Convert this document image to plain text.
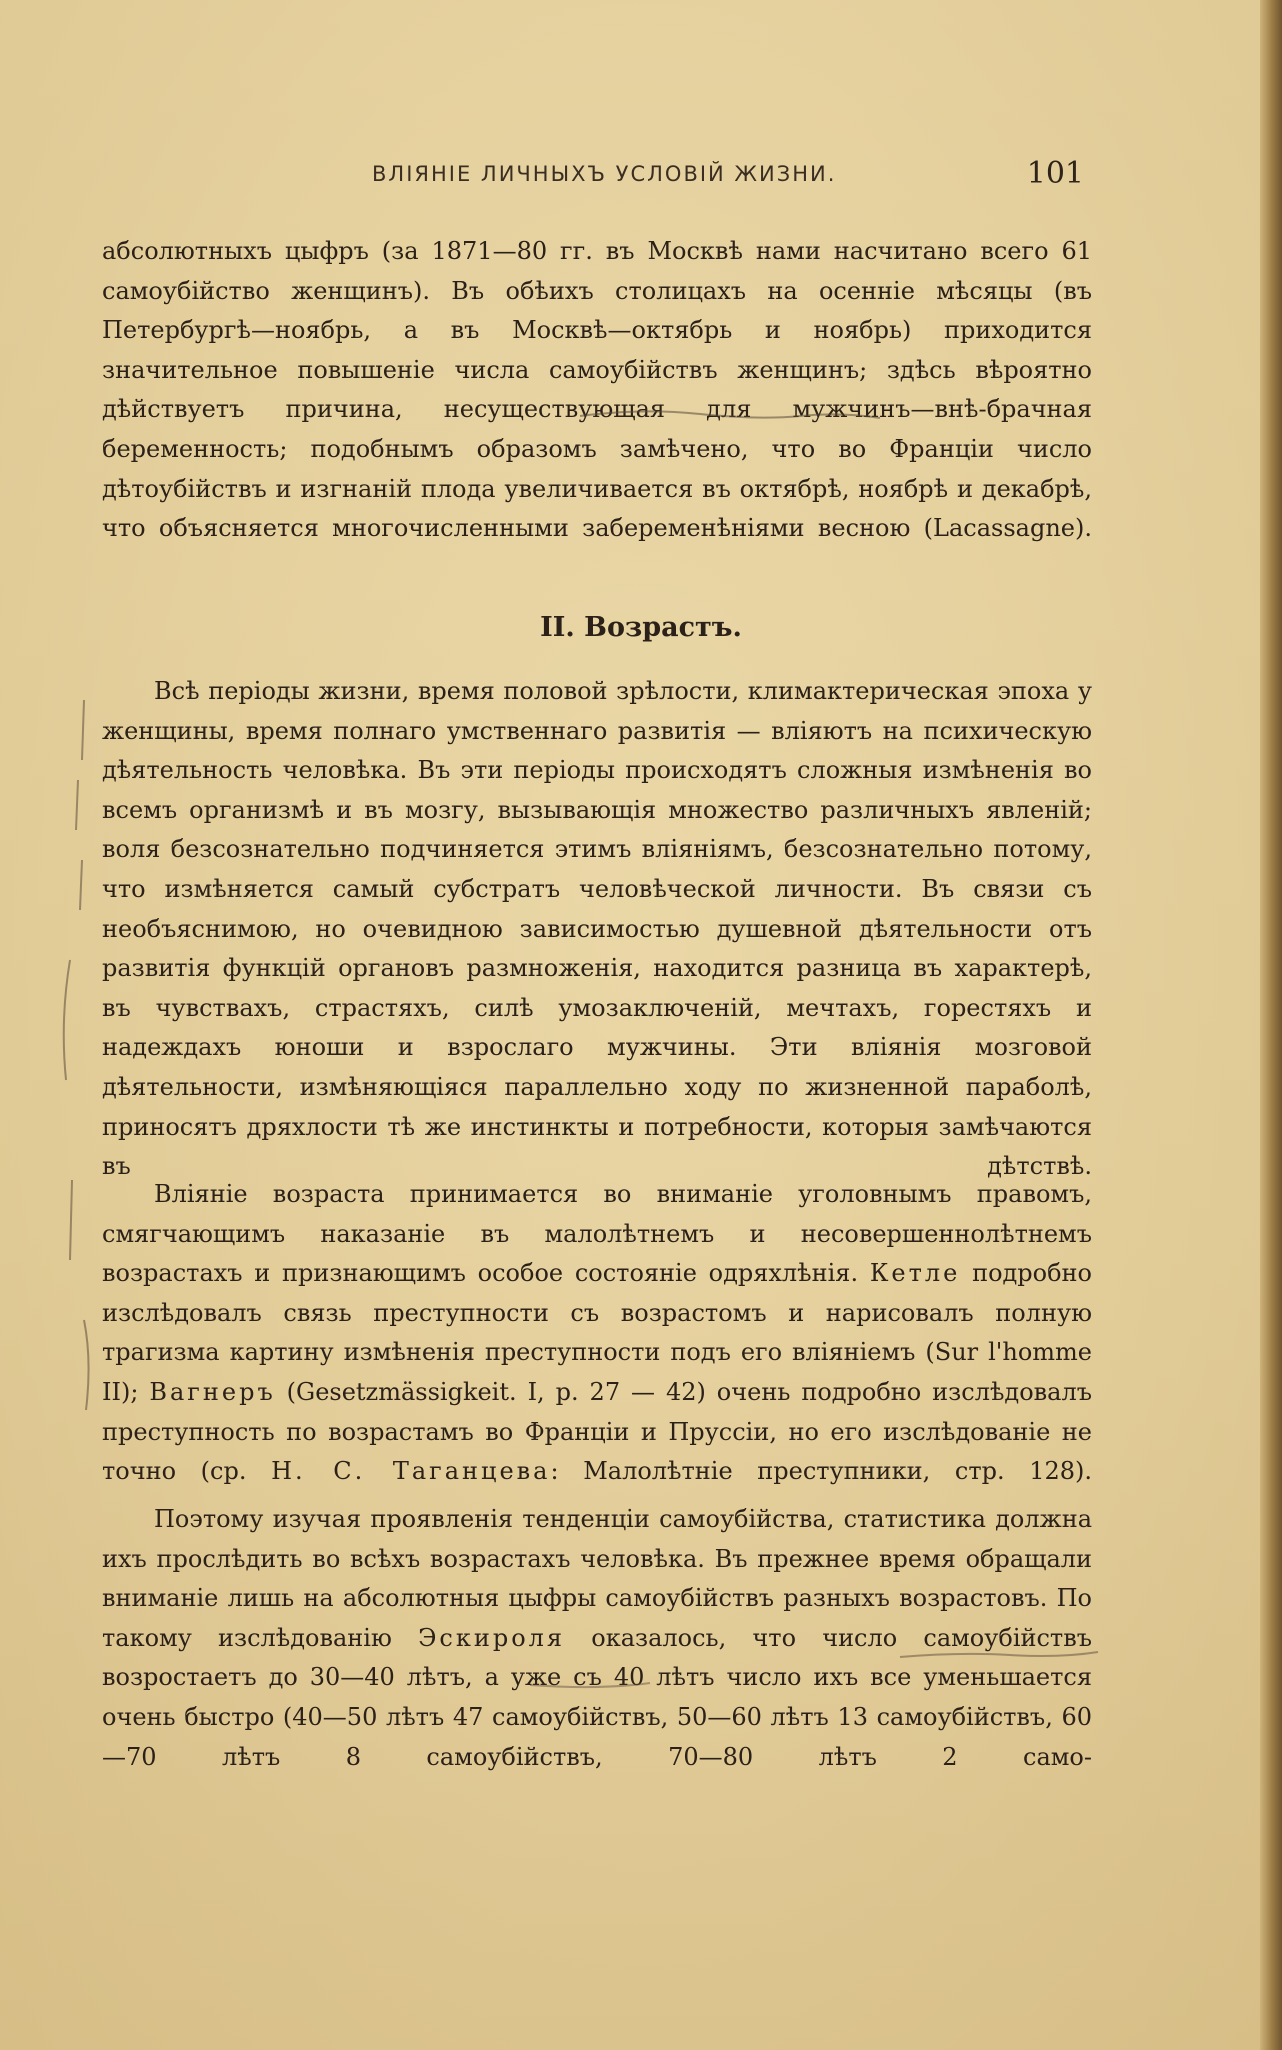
ВЛІЯНІЕ ЛИЧНЫХЪ УСЛОВІЙ ЖИЗНИ.	101
абсолютныхъ цыфръ (за 1871—80 гг. въ Москвѣ нами насчитано всего 61 самоубійство женщинъ). Въ обѣихъ столицахъ на осенніе мѣсяцы (въ Петербургѣ—ноябрь, а въ Москвѣ—октябрь и ноябрь) приходится значительное повышеніе числа самоубійствъ женщинъ; здѣсь вѣроятно дѣйствуетъ причина, несуществующая для мужчинъ—внѣ-брачная беременность; подобнымъ образомъ замѣчено, что во Франціи число дѣтоубійствъ и изгнаній плода увеличивается въ октябрѣ, ноябрѣ и декабрѣ, что объясняется многочисленными забеременѣніями весною (Lacassagne).
II. Возрастъ.
Всѣ періоды жизни, время половой зрѣлости, климактерическая эпоха у женщины, время полнаго умственнаго развитія — вліяютъ на психическую дѣятельность человѣка. Въ эти періоды происходятъ сложныя измѣненія во всемъ организмѣ и въ мозгу, вызывающія множество различныхъ явленій; воля безсознательно подчиняется этимъ вліяніямъ, безсознательно потому, что измѣняется самый субстратъ человѣческой личности. Въ связи съ необъяснимою, но очевидною зависимостью душевной дѣятельности отъ развитія функцій органовъ размноженія, находится разница въ характерѣ, въ чувствахъ, страстяхъ, силѣ умозаключеній, мечтахъ, горестяхъ и надеждахъ юноши и взрослаго мужчины. Эти вліянія мозговой дѣятельности, измѣняющіяся параллельно ходу по жизненной параболѣ, приносятъ дряхлости тѣ же инстинкты и потребности, которыя замѣчаются въ дѣтствѣ.
Вліяніе возраста принимается во вниманіе уголовнымъ правомъ, смягчающимъ наказаніе въ малолѣтнемъ и несовершеннолѣтнемъ возрастахъ и признающимъ особое состояніе одряхлѣнія. Кетле подробно изслѣдовалъ связь преступности съ возрастомъ и нарисовалъ полную трагизма картину измѣненія преступности подъ его вліяніемъ (Sur l'homme II); Вагнеръ (Gesetzmässigkeit. I, p. 27 — 42) очень подробно изслѣдовалъ преступность по возрастамъ во Франціи и Пруссіи, но его изслѣдованіе не точно (ср. Н. С. Таганцева: Малолѣтніе преступники, стр. 128).
Поэтому изучая проявленія тенденціи самоубійства, статистика должна ихъ прослѣдить во всѣхъ возрастахъ человѣка. Въ прежнее время обращали вниманіе лишь на абсолютныя цыфры самоубійствъ разныхъ возрастовъ. По такому изслѣдованію Эскироля оказалось, что число самоубійствъ возростаетъ до 30—40 лѣтъ, а уже съ 40 лѣтъ число ихъ все уменьшается очень быстро (40—50 лѣтъ 47 самоубійствъ, 50—60 лѣтъ 13 самоубійствъ, 60—70 лѣтъ 8 самоубійствъ, 70—80 лѣтъ 2 само-
